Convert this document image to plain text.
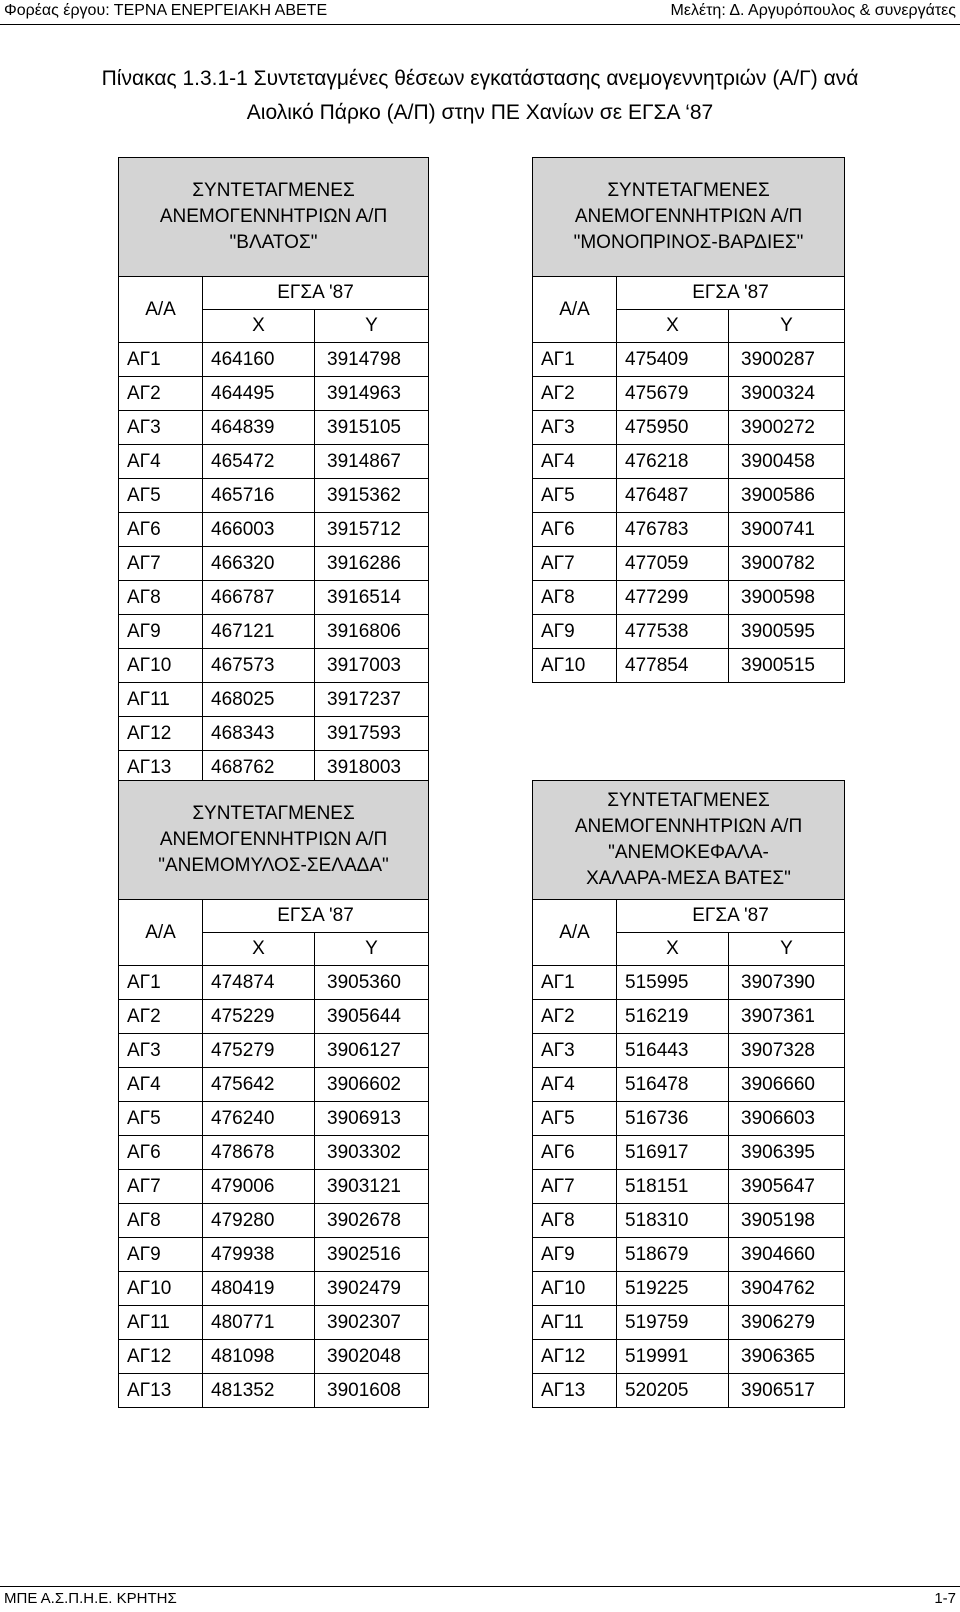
Φορέας έργου: ΤΕΡΝΑ ΕΝΕΡΓΕΙΑΚΗ ΑΒΕΤΕ	Μελέτη: Δ. Αργυρόπουλος & συνεργάτες
Πίνακας 1.3.1-1 Συντεταγμένες θέσεων εγκατάστασης ανεμογεννητριών (Α/Γ) ανά
Αιολικό Πάρκο (Α/Π) στην ΠΕ Χανίων σε ΕΓΣΑ ‘87
ΣΥΝΤΕΤΑΓΜΕΝΕΣ
ΑΝΕΜΟΓΕΝΝΗΤΡΙΩΝ Α/Π
"ΒΛΑΤΟΣ"		

Α/Α	ΕΓΣΑ '87	
	X	Y
ΑΓ1	464160	3914798
ΑΓ2	464495	3914963
ΑΓ3	464839	3915105
ΑΓ4	465472	3914867
ΑΓ5	465716	3915362
ΑΓ6	466003	3915712
ΑΓ7	466320	3916286
ΑΓ8	466787	3916514
ΑΓ9	467121	3916806
ΑΓ10	467573	3917003
ΑΓ11	468025	3917237
ΑΓ12	468343	3917593
ΑΓ13	468762	3918003
ΣΥΝΤΕΤΑΓΜΕΝΕΣ
ΑΝΕΜΟΓΕΝΝΗΤΡΙΩΝ Α/Π
"ΜΟΝΟΠΡΙΝΟΣ-ΒΑΡΔΙΕΣ"		

Α/Α	ΕΓΣΑ '87	
	X	Y
ΑΓ1	475409	3900287
ΑΓ2	475679	3900324
ΑΓ3	475950	3900272
ΑΓ4	476218	3900458
ΑΓ5	476487	3900586
ΑΓ6	476783	3900741
ΑΓ7	477059	3900782
ΑΓ8	477299	3900598
ΑΓ9	477538	3900595
ΑΓ10	477854	3900515
ΣΥΝΤΕΤΑΓΜΕΝΕΣ
ΑΝΕΜΟΓΕΝΝΗΤΡΙΩΝ Α/Π
"ΑΝΕΜΟΜΥΛΟΣ-ΣΕΛΑΔΑ"		

Α/Α	ΕΓΣΑ '87	
	X	Y
ΑΓ1	474874	3905360
ΑΓ2	475229	3905644
ΑΓ3	475279	3906127
ΑΓ4	475642	3906602
ΑΓ5	476240	3906913
ΑΓ6	478678	3903302
ΑΓ7	479006	3903121
ΑΓ8	479280	3902678
ΑΓ9	479938	3902516
ΑΓ10	480419	3902479
ΑΓ11	480771	3902307
ΑΓ12	481098	3902048
ΑΓ13	481352	3901608
ΣΥΝΤΕΤΑΓΜΕΝΕΣ
ΑΝΕΜΟΓΕΝΝΗΤΡΙΩΝ Α/Π
"ΑΝΕΜΟΚΕΦΑΛΑ-
ΧΑΛΑΡΑ-ΜΕΣΑ ΒΑΤΕΣ"		

Α/Α	ΕΓΣΑ '87	
	X	Y
ΑΓ1	515995	3907390
ΑΓ2	516219	3907361
ΑΓ3	516443	3907328
ΑΓ4	516478	3906660
ΑΓ5	516736	3906603
ΑΓ6	516917	3906395
ΑΓ7	518151	3905647
ΑΓ8	518310	3905198
ΑΓ9	518679	3904660
ΑΓ10	519225	3904762
ΑΓ11	519759	3906279
ΑΓ12	519991	3906365
ΑΓ13	520205	3906517
ΜΠΕ Α.Σ.Π.Η.Ε. ΚΡΗΤΗΣ	1-7
